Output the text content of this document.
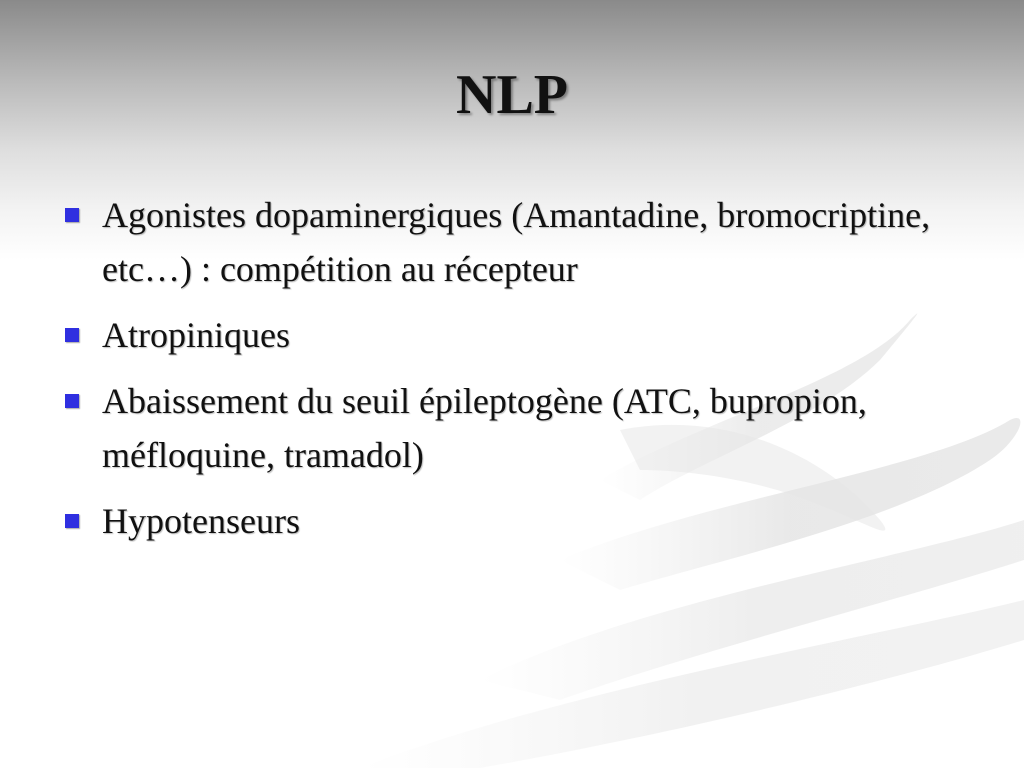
NLP
Agonistes dopaminergiques (Amantadine, bromocriptine, etc…) : compétition au récepteur
Atropiniques
Abaissement du seuil épileptogène (ATC, bupropion, méfloquine, tramadol)
Hypotenseurs
